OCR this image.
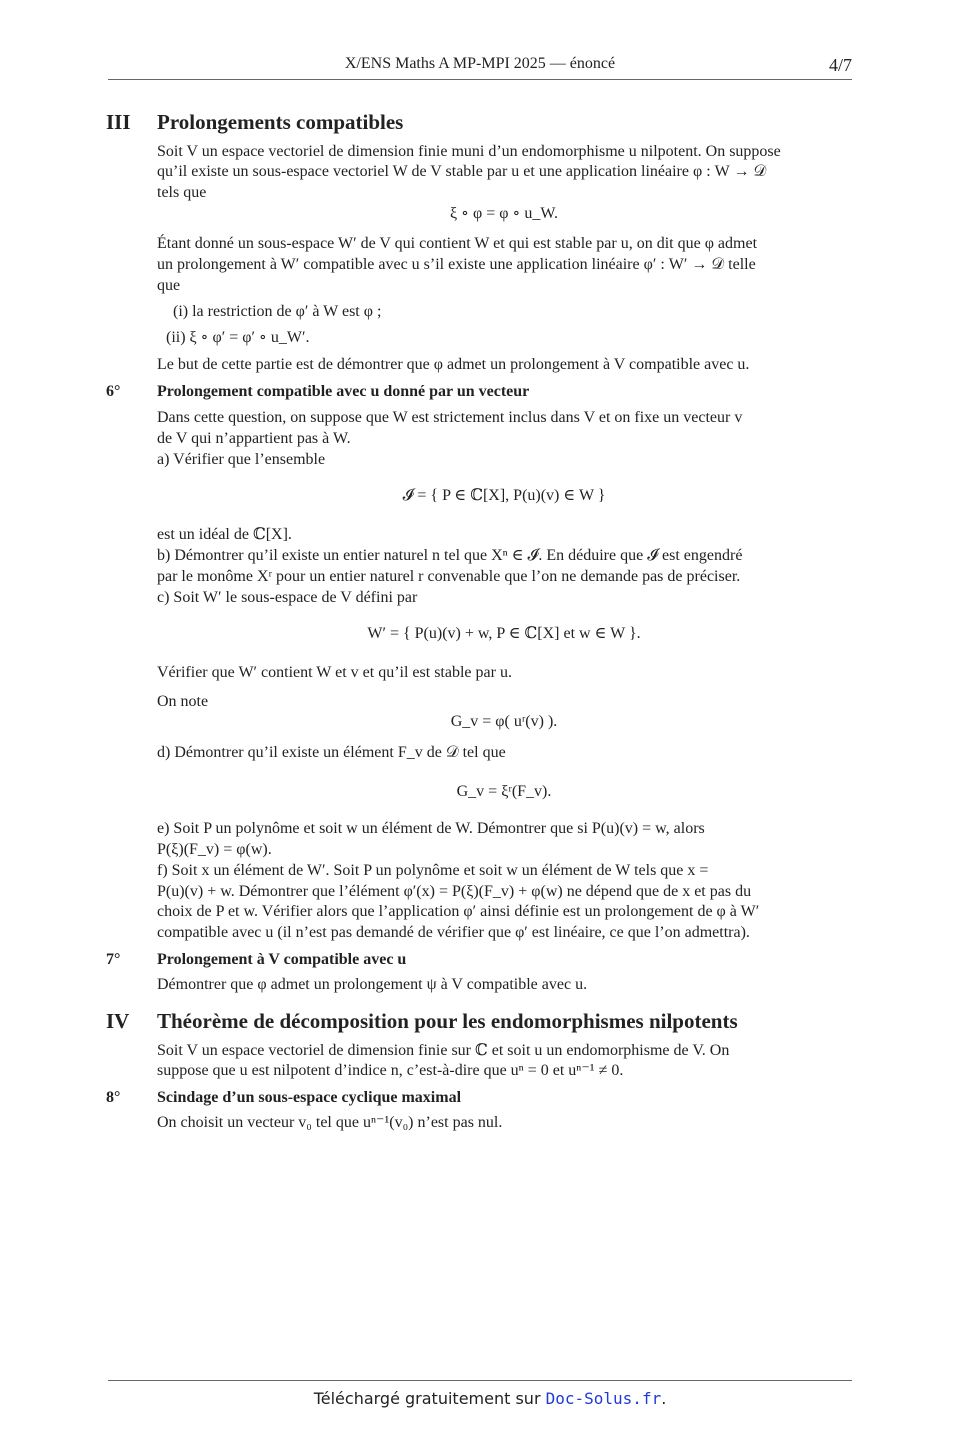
X/ENS Maths A MP-MPI 2025 — énoncé	4/7
III Prolongements compatibles
Soit V un espace vectoriel de dimension finie muni d’un endomorphisme u nilpotent. On suppose
qu’il existe un sous-espace vectoriel W de V stable par u et une application linéaire φ : W → 𝒟
tels que
ξ ∘ φ = φ ∘ u_W.
Étant donné un sous-espace W′ de V qui contient W et qui est stable par u, on dit que φ admet
un prolongement à W′ compatible avec u s’il existe une application linéaire φ′ : W′ → 𝒟 telle
que
(i) la restriction de φ′ à W est φ ;
(ii) ξ ∘ φ′ = φ′ ∘ u_W′.
Le but de cette partie est de démontrer que φ admet un prolongement à V compatible avec u.
6° Prolongement compatible avec u donné par un vecteur
Dans cette question, on suppose que W est strictement inclus dans V et on fixe un vecteur v
de V qui n’appartient pas à W.
a) Vérifier que l’ensemble
𝓘 = { P ∈ ℂ[X], P(u)(v) ∈ W }
est un idéal de ℂ[X].
b) Démontrer qu’il existe un entier naturel n tel que Xⁿ ∈ 𝓘. En déduire que 𝓘 est engendré
par le monôme Xʳ pour un entier naturel r convenable que l’on ne demande pas de préciser.
c) Soit W′ le sous-espace de V défini par
W′ = { P(u)(v) + w, P ∈ ℂ[X] et w ∈ W }.
Vérifier que W′ contient W et v et qu’il est stable par u.
On note
G_v = φ( uʳ(v) ).
d) Démontrer qu’il existe un élément F_v de 𝒟 tel que
G_v = ξʳ(F_v).
e) Soit P un polynôme et soit w un élément de W. Démontrer que si P(u)(v) = w, alors
P(ξ)(F_v) = φ(w).
f) Soit x un élément de W′. Soit P un polynôme et soit w un élément de W tels que x =
P(u)(v) + w. Démontrer que l’élément φ′(x) = P(ξ)(F_v) + φ(w) ne dépend que de x et pas du
choix de P et w. Vérifier alors que l’application φ′ ainsi définie est un prolongement de φ à W′
compatible avec u (il n’est pas demandé de vérifier que φ′ est linéaire, ce que l’on admettra).
7° Prolongement à V compatible avec u
Démontrer que φ admet un prolongement ψ à V compatible avec u.
IV Théorème de décomposition pour les endomorphismes nilpotents
Soit V un espace vectoriel de dimension finie sur ℂ et soit u un endomorphisme de V. On
suppose que u est nilpotent d’indice n, c’est-à-dire que uⁿ = 0 et uⁿ⁻¹ ≠ 0.
8° Scindage d’un sous-espace cyclique maximal
On choisit un vecteur v₀ tel que uⁿ⁻¹(v₀) n’est pas nul.
Téléchargé gratuitement sur Doc-Solus.fr.
